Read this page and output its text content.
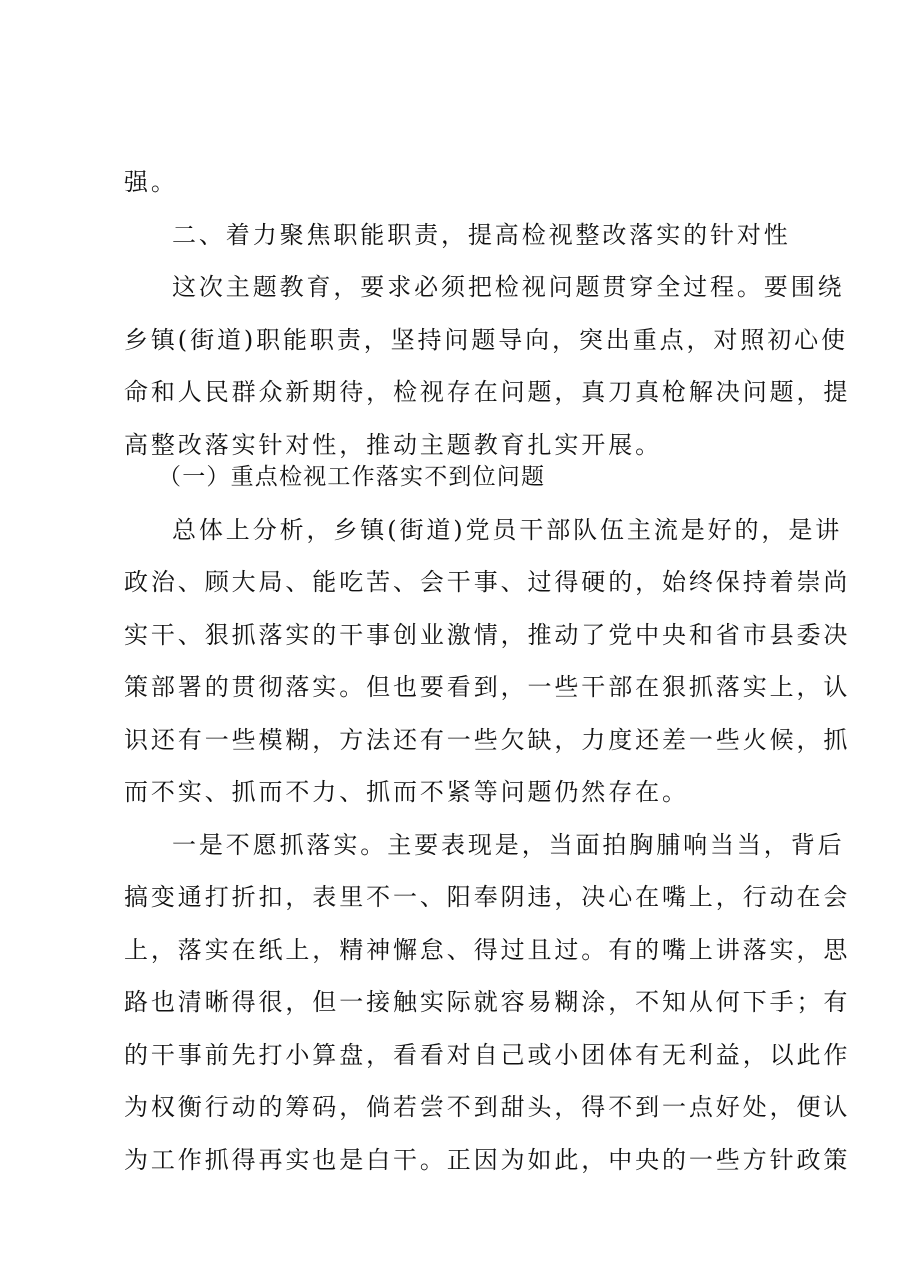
强。
二、着力聚焦职能职责，提高检视整改落实的针对性
这次主题教育，要求必须把检视问题贯穿全过程。要围绕
乡镇(街道)职能职责，坚持问题导向，突出重点，对照初心使
命和人民群众新期待，检视存在问题，真刀真枪解决问题，提
高整改落实针对性，推动主题教育扎实开展。
（一）重点检视工作落实不到位问题
总体上分析，乡镇(街道)党员干部队伍主流是好的，是讲
政治、顾大局、能吃苦、会干事、过得硬的，始终保持着崇尚
实干、狠抓落实的干事创业激情，推动了党中央和省市县委决
策部署的贯彻落实。但也要看到，一些干部在狠抓落实上，认
识还有一些模糊，方法还有一些欠缺，力度还差一些火候，抓
而不实、抓而不力、抓而不紧等问题仍然存在。
一是不愿抓落实。主要表现是，当面拍胸脯响当当，背后
搞变通打折扣，表里不一、阳奉阴违，决心在嘴上，行动在会
上，落实在纸上，精神懈怠、得过且过。有的嘴上讲落实，思
路也清晰得很，但一接触实际就容易糊涂，不知从何下手；有
的干事前先打小算盘，看看对自己或小团体有无利益，以此作
为权衡行动的筹码，倘若尝不到甜头，得不到一点好处，便认
为工作抓得再实也是白干。正因为如此，中央的一些方针政策
